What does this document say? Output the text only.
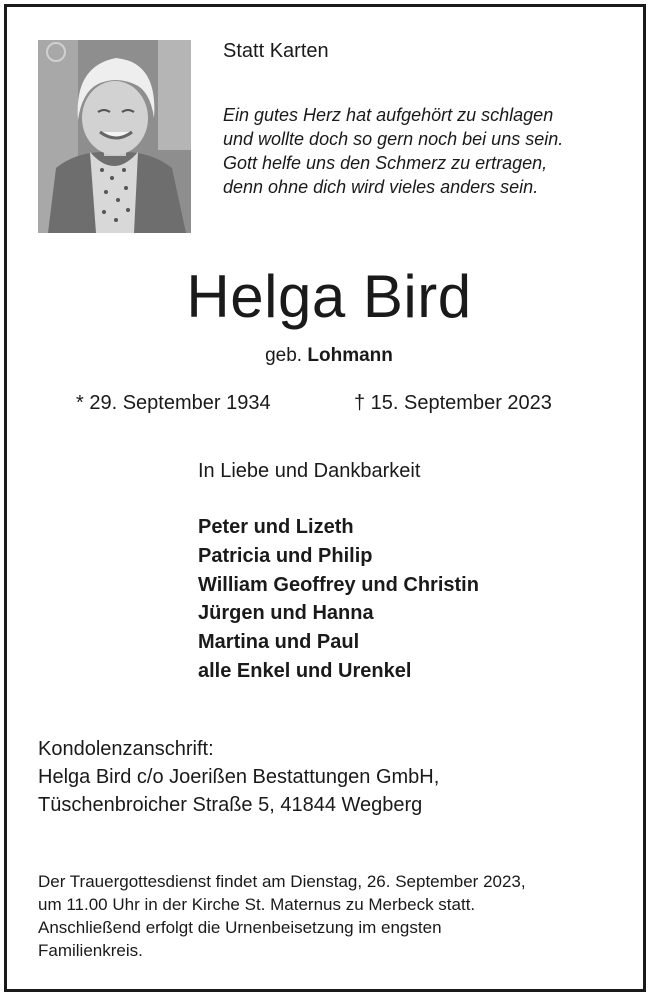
Statt Karten
Ein gutes Herz hat aufgehört zu schlagen
und wollte doch so gern noch bei uns sein.
Gott helfe uns den Schmerz zu ertragen,
denn ohne dich wird vieles anders sein.
Helga Bird
geb. Lohmann
* 29. September 1934	† 15. September 2023
In Liebe und Dankbarkeit
Peter und Lizeth
Patricia und Philip
William Geoffrey und Christin
Jürgen und Hanna
Martina und Paul
alle Enkel und Urenkel
Kondolenzanschrift:
Helga Bird c/o Joerißen Bestattungen GmbH,
Tüschenbroicher Straße 5, 41844 Wegberg
Der Trauergottesdienst findet am Dienstag, 26. September 2023,
um 11.00 Uhr in der Kirche St. Maternus zu Merbeck statt.
Anschließend erfolgt die Urnenbeisetzung im engsten
Familienkreis.
